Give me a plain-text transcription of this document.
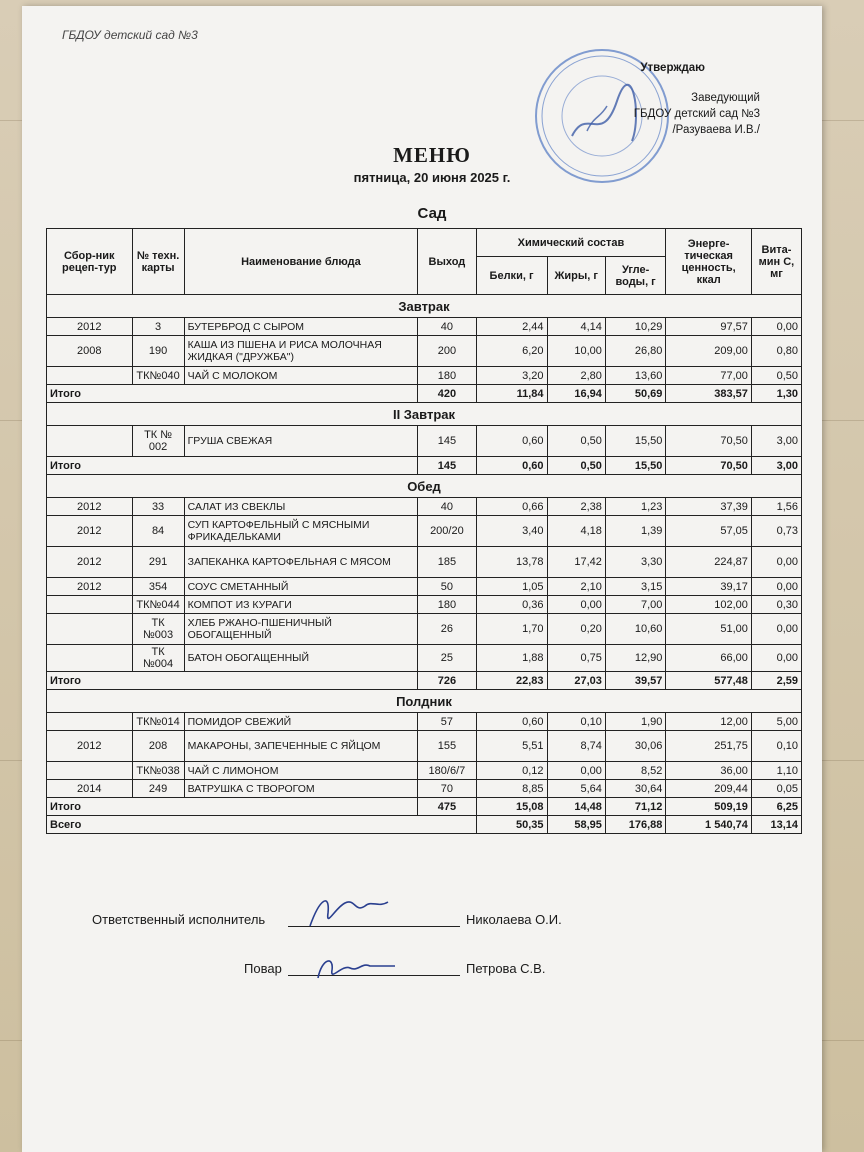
ГБДОУ детский сад №3
Утверждаю
Заведующий
ГБДОУ детский сад №3
/Разуваева И.В./
МЕНЮ
пятница, 20 июня 2025 г.
Сад
Сбор-ник рецеп-тур	№ техн. карты	Наименование блюда	Выход	Химический состав			Энерге-тическая ценность, ккал	Вита-мин С, мг
				Белки, г	Жиры, г	Угле-воды, г		
Завтрак								
2012	3	БУТЕРБРОД С СЫРОМ	40	2,44	4,14	10,29	97,57	0,00
2008	190	КАША ИЗ ПШЕНА И РИСА МОЛОЧНАЯ ЖИДКАЯ ("ДРУЖБА")	200	6,20	10,00	26,80	209,00	0,80
	ТК№040	ЧАЙ С МОЛОКОМ	180	3,20	2,80	13,60	77,00	0,50
Итого			420	11,84	16,94	50,69	383,57	1,30
II Завтрак								
	ТК № 002	ГРУША СВЕЖАЯ	145	0,60	0,50	15,50	70,50	3,00
Итого			145	0,60	0,50	15,50	70,50	3,00
Обед								
2012	33	САЛАТ ИЗ СВЕКЛЫ	40	0,66	2,38	1,23	37,39	1,56
2012	84	СУП КАРТОФЕЛЬНЫЙ С МЯСНЫМИ ФРИКАДЕЛЬКАМИ	200/20	3,40	4,18	1,39	57,05	0,73
2012	291	ЗАПЕКАНКА КАРТОФЕЛЬНАЯ С МЯСОМ	185	13,78	17,42	3,30	224,87	0,00
2012	354	СОУС СМЕТАННЫЙ	50	1,05	2,10	3,15	39,17	0,00
	ТК№044	КОМПОТ ИЗ КУРАГИ	180	0,36	0,00	7,00	102,00	0,30
	ТК №003	ХЛЕБ РЖАНО-ПШЕНИЧНЫЙ ОБОГАЩЕННЫЙ	26	1,70	0,20	10,60	51,00	0,00
	ТК №004	БАТОН ОБОГАЩЕННЫЙ	25	1,88	0,75	12,90	66,00	0,00
Итого			726	22,83	27,03	39,57	577,48	2,59
Полдник								
	ТК№014	ПОМИДОР СВЕЖИЙ	57	0,60	0,10	1,90	12,00	5,00
2012	208	МАКАРОНЫ, ЗАПЕЧЕННЫЕ С ЯЙЦОМ	155	5,51	8,74	30,06	251,75	0,10
	ТК№038	ЧАЙ С ЛИМОНОМ	180/6/7	0,12	0,00	8,52	36,00	1,10
2014	249	ВАТРУШКА С ТВОРОГОМ	70	8,85	5,64	30,64	209,44	0,05
Итого			475	15,08	14,48	71,12	509,19	6,25
Всего				50,35	58,95	176,88	1 540,74	13,14
Ответственный исполнитель	Николаева О.И.
Повар	Петрова С.В.
